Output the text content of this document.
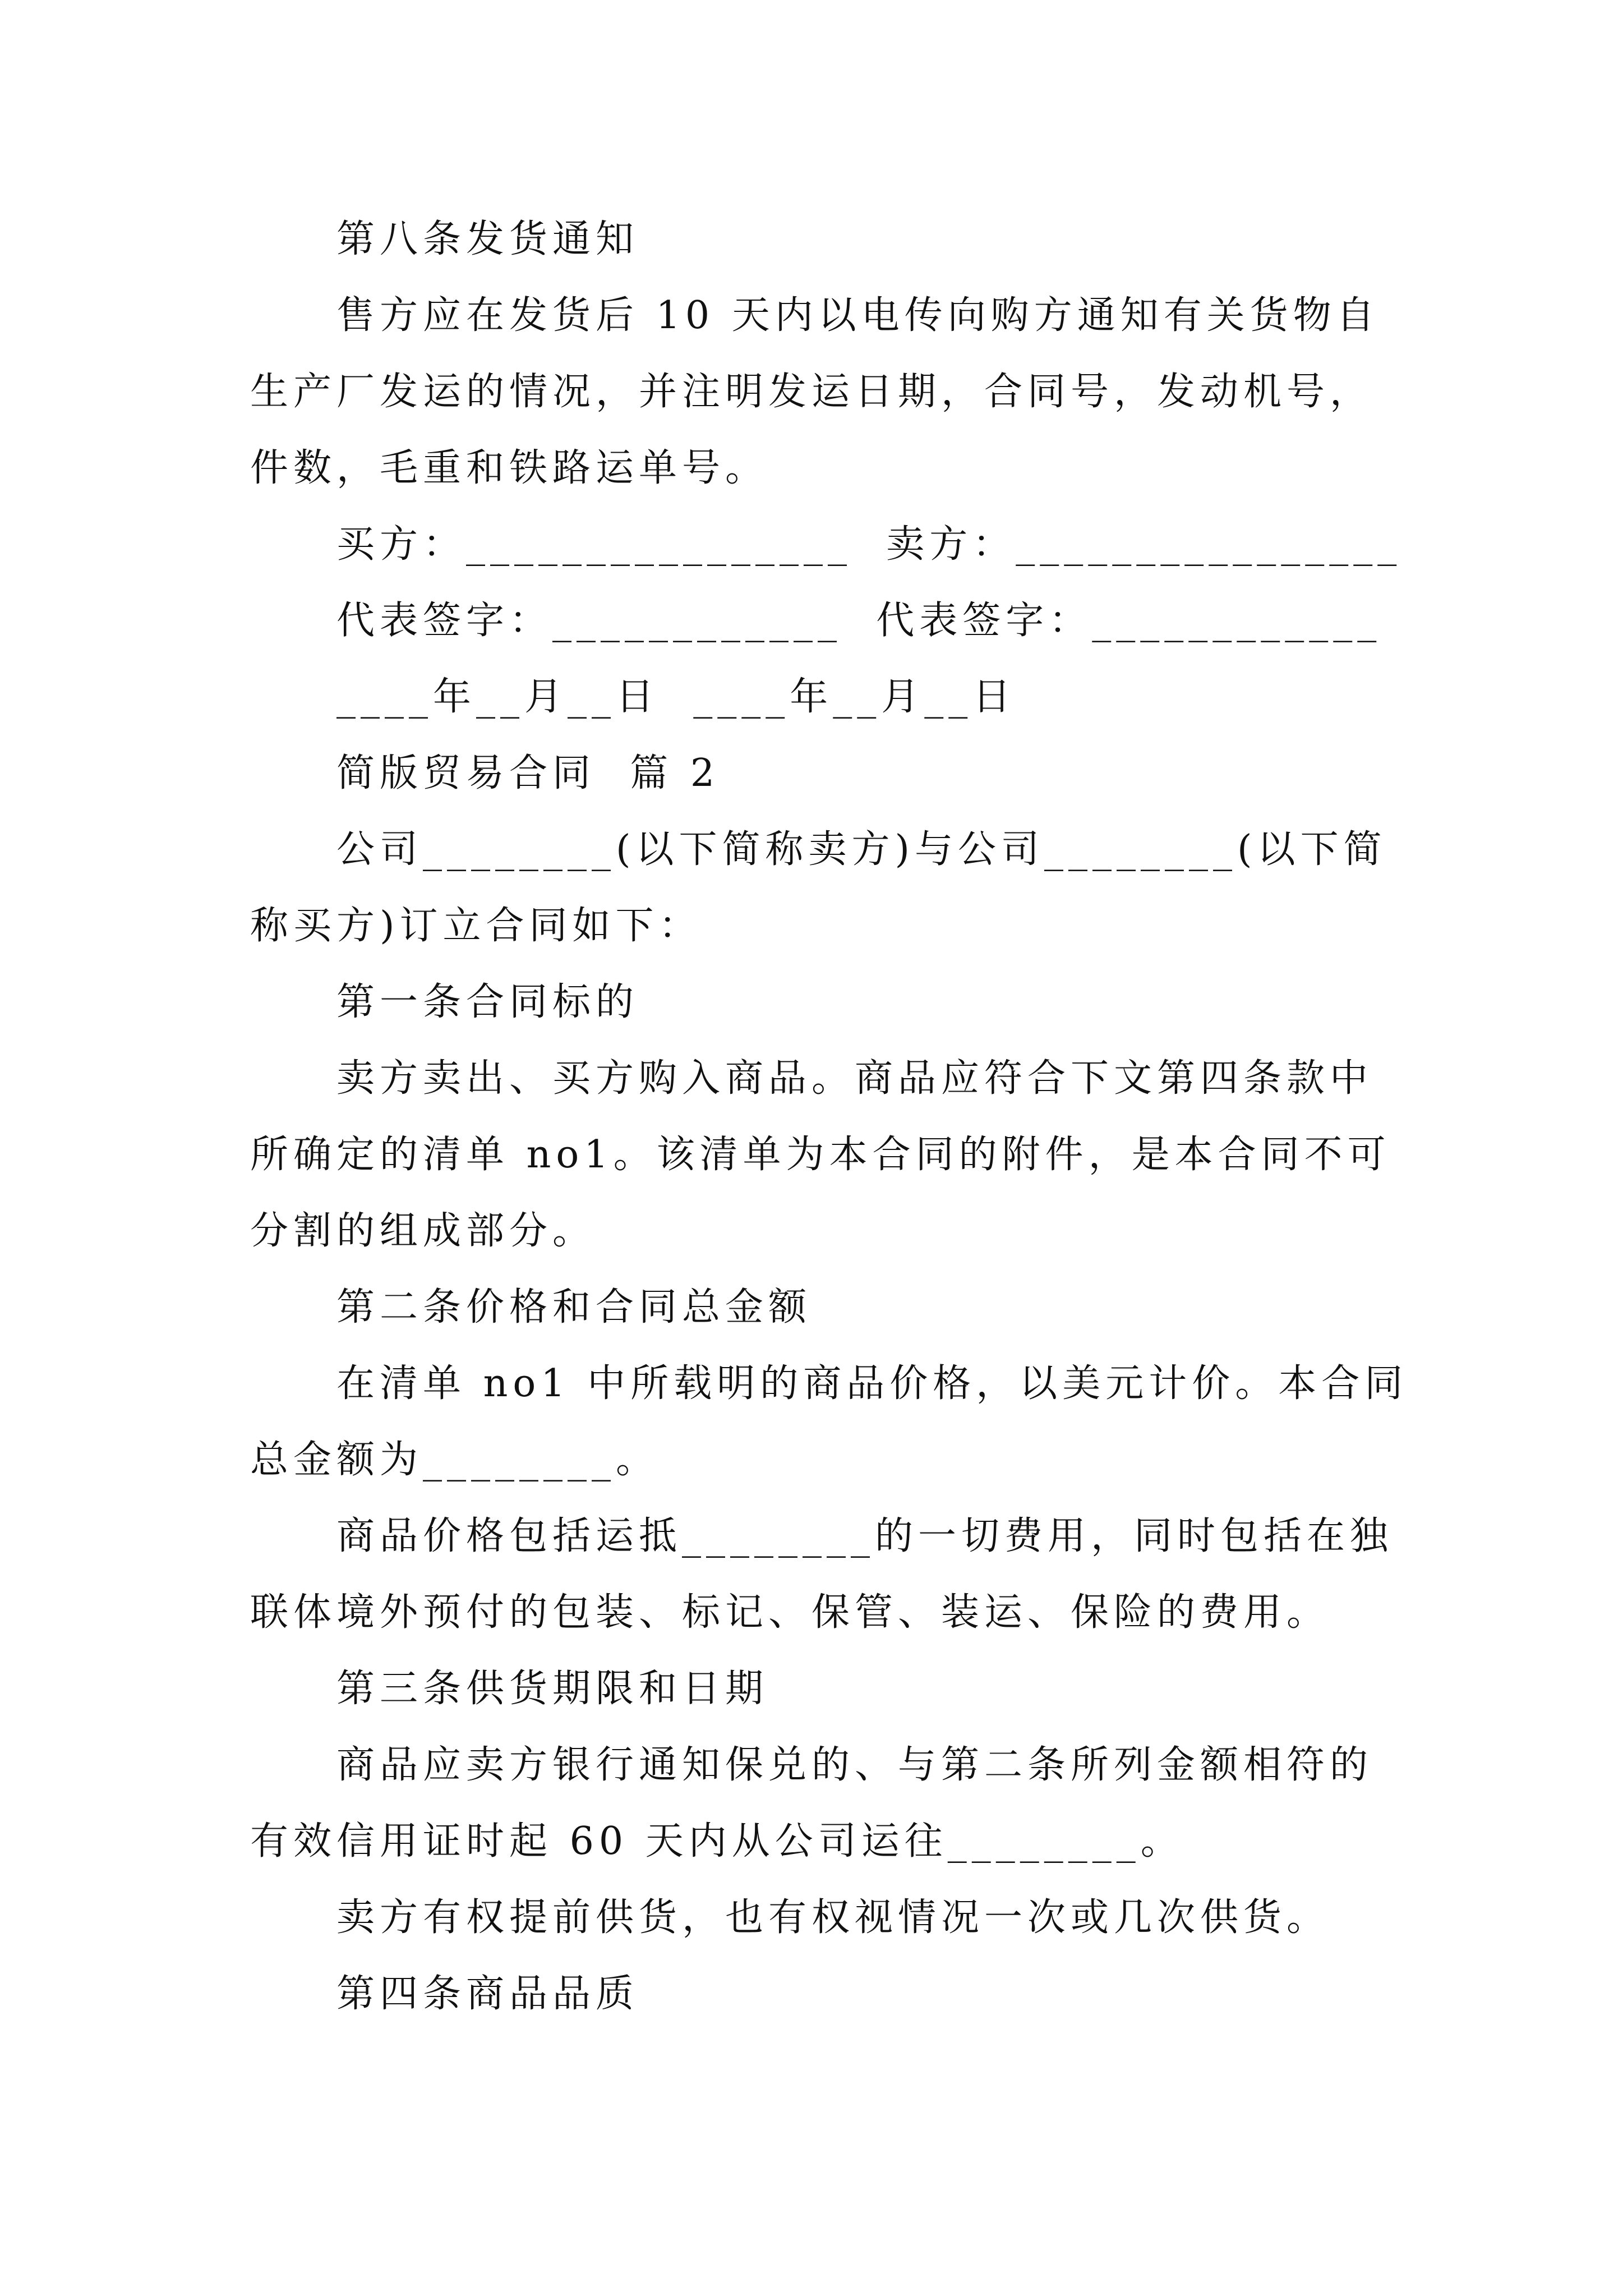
第八条发货通知
售方应在发货后 10 天内以电传向购方通知有关货物自
生产厂发运的情况，并注明发运日期，合同号，发动机号，
件数，毛重和铁路运单号。
买方：________________  卖方：________________
代表签字：____________  代表签字：____________
____年__月__日  ____年__月__日
简版贸易合同  篇 2
公司________(以下简称卖方)与公司________(以下简
称买方)订立合同如下：
第一条合同标的
卖方卖出、买方购入商品。商品应符合下文第四条款中
所确定的清单 no1。该清单为本合同的附件，是本合同不可
分割的组成部分。
第二条价格和合同总金额
在清单 no1 中所载明的商品价格，以美元计价。本合同
总金额为________。
商品价格包括运抵________的一切费用，同时包括在独
联体境外预付的包装、标记、保管、装运、保险的费用。
第三条供货期限和日期
商品应卖方银行通知保兑的、与第二条所列金额相符的
有效信用证时起 60 天内从公司运往________。
卖方有权提前供货，也有权视情况一次或几次供货。
第四条商品品质
